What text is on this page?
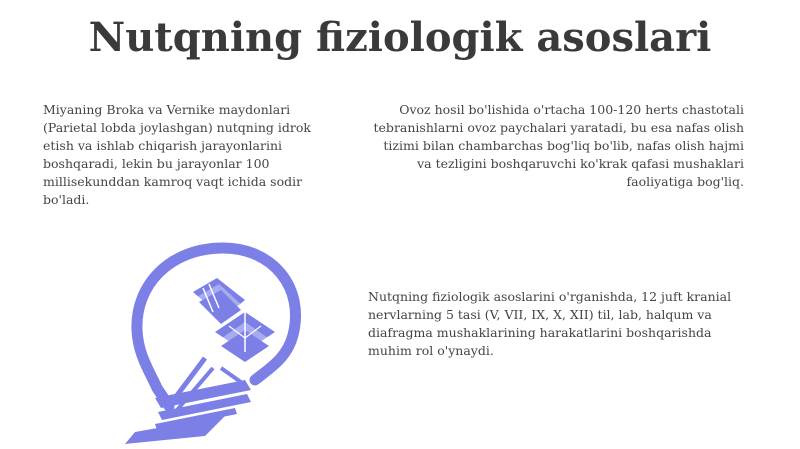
Nutqning fiziologik asoslari

Miyaning Broka va Vernike maydonlari (Parietal lobda joylashgan) nutqning idrok etish va ishlab chiqarish jarayonlarini boshqaradi, lekin bu jarayonlar 100 millisekunddan kamroq vaqt ichida sodir bo'ladi.

Ovoz hosil bo'lishida o'rtacha 100-120 herts chastotali tebranishlarni ovoz paychalari yaratadi, bu esa nafas olish tizimi bilan chambarchas bog'liq bo'lib, nafas olish hajmi va tezligini boshqaruvchi ko'krak qafasi mushaklari faoliyatiga bog'liq.

Nutqning fiziologik asoslarini o'rganishda, 12 juft kranial nervlarning 5 tasi (V, VII, IX, X, XII) til, lab, halqum va diafragma mushaklarining harakatlarini boshqarishda muhim rol o'ynaydi.
